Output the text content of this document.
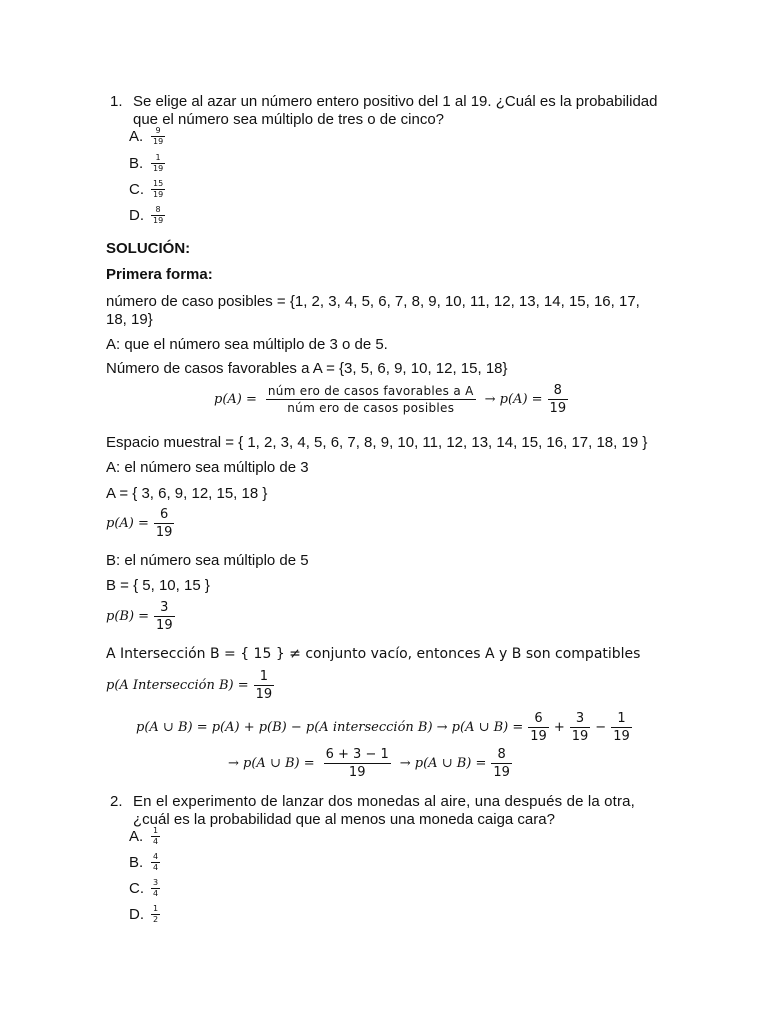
1. Se elige al azar un número entero positivo del 1 al 19. ¿Cuál es la probabilidad
que el número sea múltiplo de tres o de cinco?
A. $\frac{9}{19}$
B. $\frac{1}{19}$
C. $\frac{15}{19}$
D. $\frac{8}{19}$
SOLUCIÓN:
Primera forma:
número de caso posibles = {1, 2, 3, 4, 5, 6, 7, 8, 9, 10, 11, 12, 13, 14, 15, 16, 17,
18, 19}
A: que el número sea múltiplo de 3 o de 5.
Número de casos favorables a A = {3, 5, 6, 9, 10, 12, 15, 18}
p(A) =
núm ero de casos favorables a A
núm ero de casos posibles
→ p(A) =
8
19
Espacio muestral = { 1, 2, 3, 4, 5, 6, 7, 8, 9, 10, 11, 12, 13, 14, 15, 16, 17, 18, 19 }
A: el número sea múltiplo de 3
A = { 3, 6, 9, 12, 15, 18 }
p(A) =
6
19
B: el número sea múltiplo de 5
B = { 5, 10, 15 }
p(B) =
3
19
A Intersección B = { 15 } ≠ conjunto vacío, entonces A y B son compatibles
p(A Intersección B) =
1
19
p(A ∪ B) = p(A) + p(B) − p(A intersección B) → p(A ∪ B) =
6
19
+
3
19
−
1
19
→ p(A ∪ B) =
6 + 3 − 1
19
→ p(A ∪ B) =
8
19
2. En el experimento de lanzar dos monedas al aire, una después de la otra,
¿cuál es la probabilidad que al menos una moneda caiga cara?
A. $\frac{1}{4}$
B. $\frac{4}{4}$
C. $\frac{3}{4}$
D. $\frac{1}{2}$
